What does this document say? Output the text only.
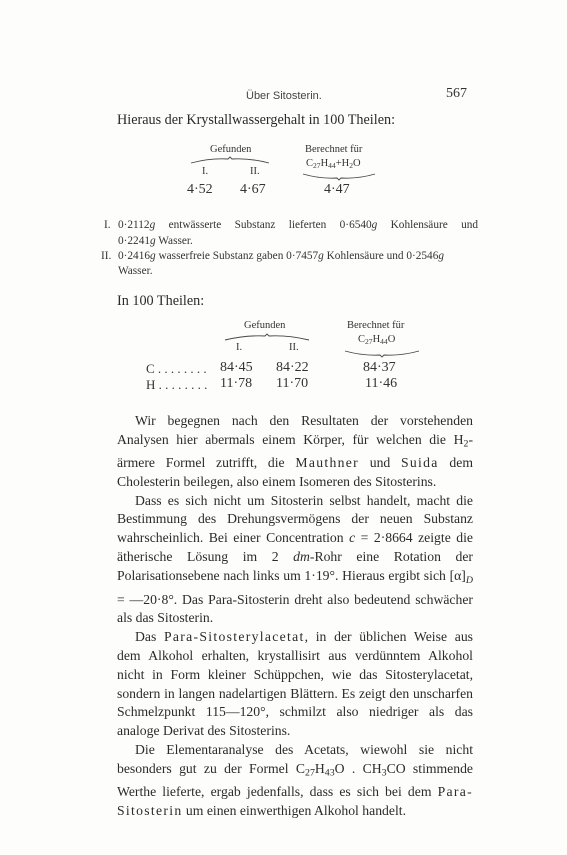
Über Sitosterin.	567
Hieraus der Krystallwassergehalt in 100 Theilen:
Gefunden	Berechnet für
$C_{27}H_{44}+H_2O$
I.	II.
4·52 4·67	4·47
I. 0·2112g entwässerte Substanz lieferten 0·6540g Kohlensäure und
0·2241g Wasser.
II. 0·2416g wasserfreie Substanz gaben 0·7457g Kohlensäure und 0·2546g
Wasser.
In 100 Theilen:
Gefunden	Berechnet für
$C_{27}H_{44}O$
I.	II.
C . . . . . . . . 84·45 84·22	84·37
H . . . . . . . . 11·78 11·70	11·46

Wir begegnen nach den Resultaten der vorstehenden Analysen hier abermals einem Körper, für welchen die $H_2$-ärmere Formel zutrifft, die Mauthner und Suida dem Cholesterin beilegen, also einem Isomeren des Sitosterins.

Dass es sich nicht um Sitosterin selbst handelt, macht die Bestimmung des Drehungsvermögens der neuen Substanz wahrscheinlich. Bei einer Concentration c = 2·8664 zeigte die ätherische Lösung im 2 dm-Rohr eine Rotation der Polarisationsebene nach links um 1·19°. Hieraus ergibt sich $[\alpha]_D$ = —20·8°. Das Para-Sitosterin dreht also bedeutend schwächer als das Sitosterin.

Das Para-Sitosterylacetat, in der üblichen Weise aus dem Alkohol erhalten, krystallisirt aus verdünntem Alkohol nicht in Form kleiner Schüppchen, wie das Sitosterylacetat, sondern in langen nadelartigen Blättern. Es zeigt den unscharfen Schmelzpunkt 115—120°, schmilzt also niedriger als das analoge Derivat des Sitosterins.

Die Elementaranalyse des Acetats, wiewohl sie nicht besonders gut zu der Formel $C_{27}H_{43}O$ . $CH_3CO$ stimmende Werthe lieferte, ergab jedenfalls, dass es sich bei dem Para-Sitosterin um einen einwerthigen Alkohol handelt.
